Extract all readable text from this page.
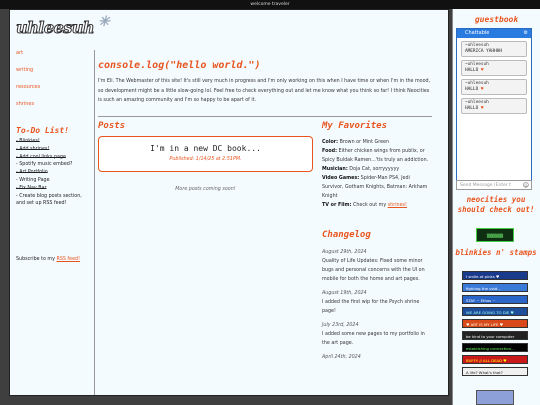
welcome traveler
uhleesuh ✳
art
writing
resources
shrines
To-Do List!
- Blinkies!
- Add shrines!
- Add cool links page
- Spotify music embed?
- Art Portfolio
- Writing Page
- Fix Nav Bar
- Create blog posts section, and set up RSS feed!
Subscribe to my RSS feed!
console.log("hello world.")
I'm Eli. The Webmaster of this site! It's still very much in progress and I'm only working on this when I have time or when I'm in the mood, so development might be a little slow-going lol. Feel free to check everything out and let me know what you think so far! I think Neocities is such an amazing community and I'm so happy to be apart of it.
Posts
I'm in a new DC book...
Published: 1/14/25 at 2:51PM.
More posts coming soon!
My Favorites
Color: Brown or Mint Green
Food: Either chicken wings from publix, or Spicy Buldak Ramen...'tis truly an addiction.
Musician: Doja Cat, sorryyyyyy
Video Games: Spider-Man PS4, Jedi Survivor, Gotham Knights, Batman: Arkham Knight
TV or Film: Check out my shrines!
Changelog
August 29th, 2024
Quality of Life Updates: Fixed some minor bugs and personal concerns with the UI on mobile for both the home and art pages.
August 19th, 2024
I added the first wip for the Psych shrine page!
July 23rd, 2024
I added some new pages to my portfolio in the art page.
April 24th, 2024
guestbook
Chattable	⚙
~uhleesuh
AMERICA YAHHHH
~uhleesuh
HALLO ♥
~uhleesuh
HALLO ♥
~uhleesuh
HALLO ♥
Send Message (Enter t ☺
neocities you should check out!
▒▒▒▒▒▒
blinkies n' stamps
I smile at pinks ♥
fighting the void...
STAY ~ Ethos ~
WE ARE GOING TO DIE ♥
♥ ART IS MY LIFE ♥
be kind to your computer
establishing connection...
BUFFY // ALL DEAD ♥
A life? What's that?
